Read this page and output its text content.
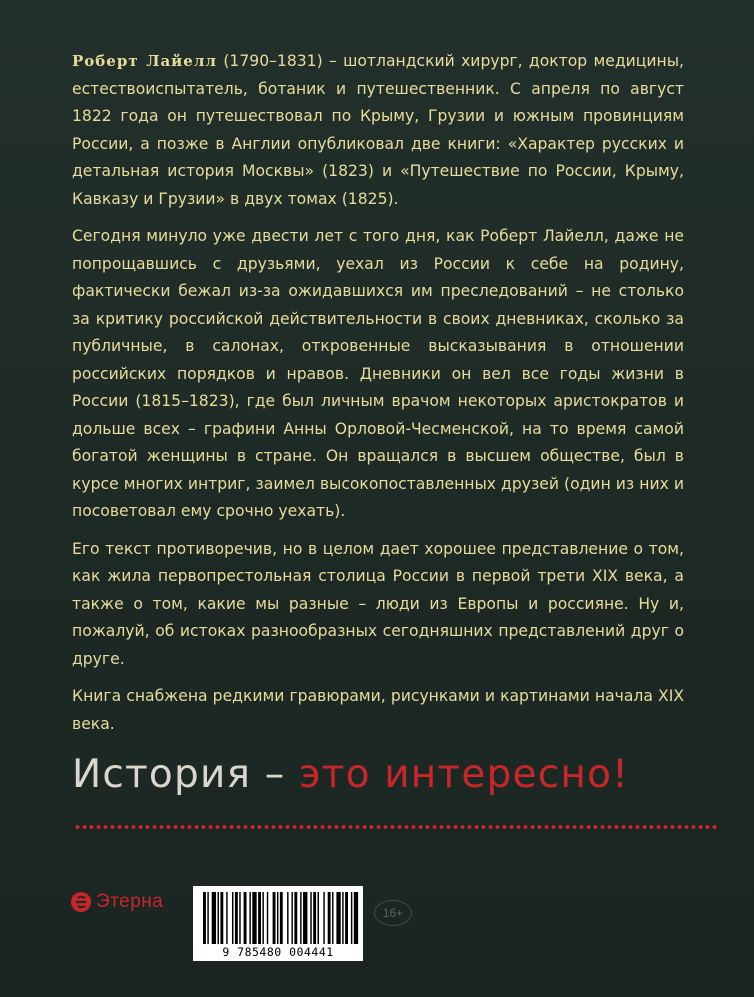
Роберт Лайелл (1790–1831) – шотландский хирург, доктор медицины, естествоиспытатель, ботаник и путешественник. С апреля по август 1822 года он путешествовал по Крыму, Грузии и южным провинциям России, а позже в Англии опубликовал две книги: «Характер русских и детальная история Москвы» (1823) и «Путешествие по России, Крыму, Кавказу и Грузии» в двух томах (1825).

Сегодня минуло уже двести лет с того дня, как Роберт Лайелл, даже не попрощавшись с друзьями, уехал из России к себе на родину, фактически бежал из-за ожидавшихся им преследований – не столько за критику российской действительности в своих дневниках, сколько за публичные, в салонах, откровенные высказывания в отношении российских порядков и нравов. Дневники он вел все годы жизни в России (1815–1823), где был личным врачом некоторых аристократов и дольше всех – графини Анны Орловой-Чесменской, на то время самой богатой женщины в стране. Он вращался в высшем обществе, был в курсе многих интриг, заимел высокопоставленных друзей (один из них и посоветовал ему срочно уехать).

Его текст противоречив, но в целом дает хорошее представление о том, как жила первопрестольная столица России в первой трети XIX века, а также о том, какие мы разные – люди из Европы и россияне. Ну и, пожалуй, об истоках разнообразных сегодняшних представлений друг о друге.

Книга снабжена редкими гравюрами, рисунками и картинами начала XIX века.

История – это интересно!
Этерна
9 785480 004441
16+
